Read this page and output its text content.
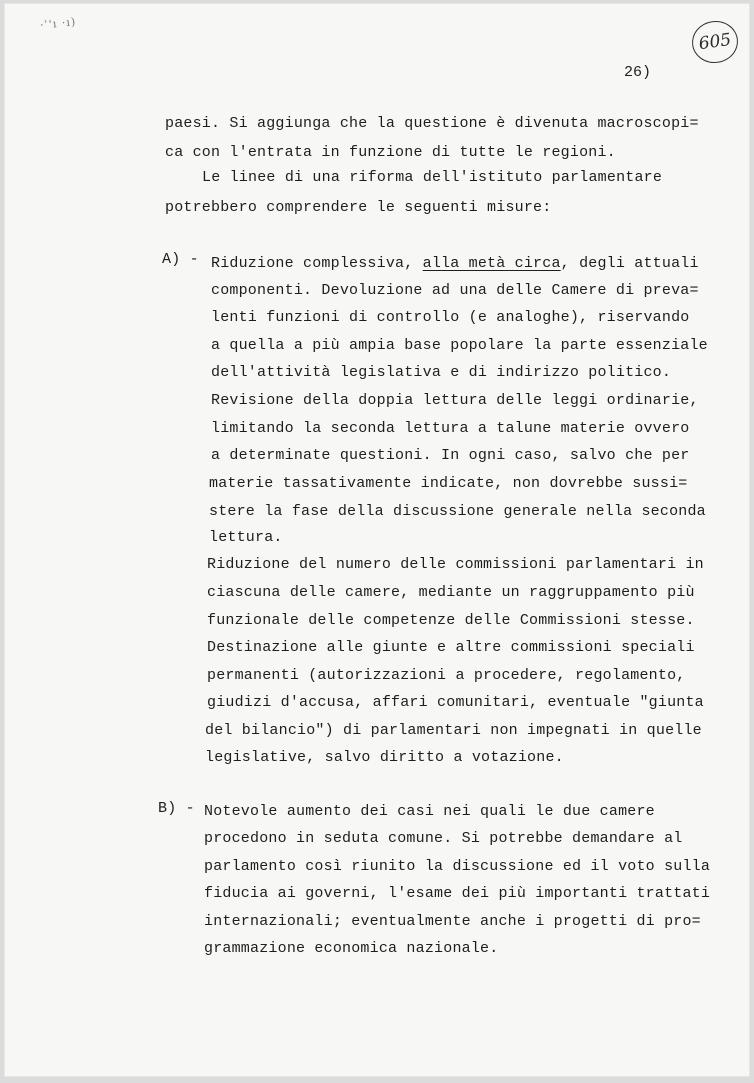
·ʾ'ı ·ı)
605
26)
paesi. Si aggiunga che la questione è divenuta macroscopi=
ca con l'entrata in funzione di tutte le regioni.
Le linee di una riforma dell'istituto parlamentare
potrebbero comprendere le seguenti misure:
A) - Riduzione complessiva, alla metà circa, degli attuali
componenti. Devoluzione ad una delle Camere di preva=
lenti funzioni di controllo (e analoghe), riservando
a quella a più ampia base popolare la parte essenziale
dell'attività legislativa e di indirizzo politico.
Revisione della doppia lettura delle leggi ordinarie,
limitando la seconda lettura a talune materie ovvero
a determinate questioni. In ogni caso, salvo che per
materie tassativamente indicate, non dovrebbe sussi=
stere la fase della discussione generale nella seconda
lettura.
Riduzione del numero delle commissioni parlamentari in
ciascuna delle camere, mediante un raggruppamento più
funzionale delle competenze delle Commissioni stesse.
Destinazione alle giunte e altre commissioni speciali
permanenti (autorizzazioni a procedere, regolamento,
giudizi d'accusa, affari comunitari, eventuale "giunta
del bilancio") di parlamentari non impegnati in quelle
legislative, salvo diritto a votazione.
B) - Notevole aumento dei casi nei quali le due camere
procedono in seduta comune. Si potrebbe demandare al
parlamento così riunito la discussione ed il voto sulla
fiducia ai governi, l'esame dei più importanti trattati
internazionali; eventualmente anche i progetti di pro=
grammazione economica nazionale.
